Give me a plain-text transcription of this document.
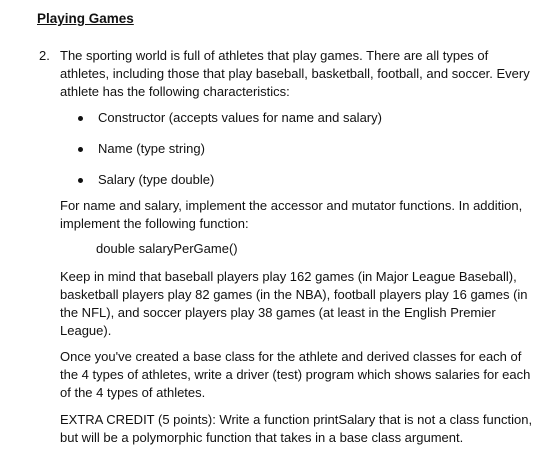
Playing Games
2. The sporting world is full of athletes that play games. There are all types of athletes, including those that play baseball, basketball, football, and soccer. Every athlete has the following characteristics:

Constructor (accepts values for name and salary)
Name (type string)
Salary (type double)

For name and salary, implement the accessor and mutator functions. In addition, implement the following function:

double salaryPerGame()

Keep in mind that baseball players play 162 games (in Major League Baseball), basketball players play 82 games (in the NBA), football players play 16 games (in the NFL), and soccer players play 38 games (at least in the English Premier League).

Once you've created a base class for the athlete and derived classes for each of the 4 types of athletes, write a driver (test) program which shows salaries for each of the 4 types of athletes.

EXTRA CREDIT (5 points): Write a function printSalary that is not a class function, but will be a polymorphic function that takes in a base class argument.
